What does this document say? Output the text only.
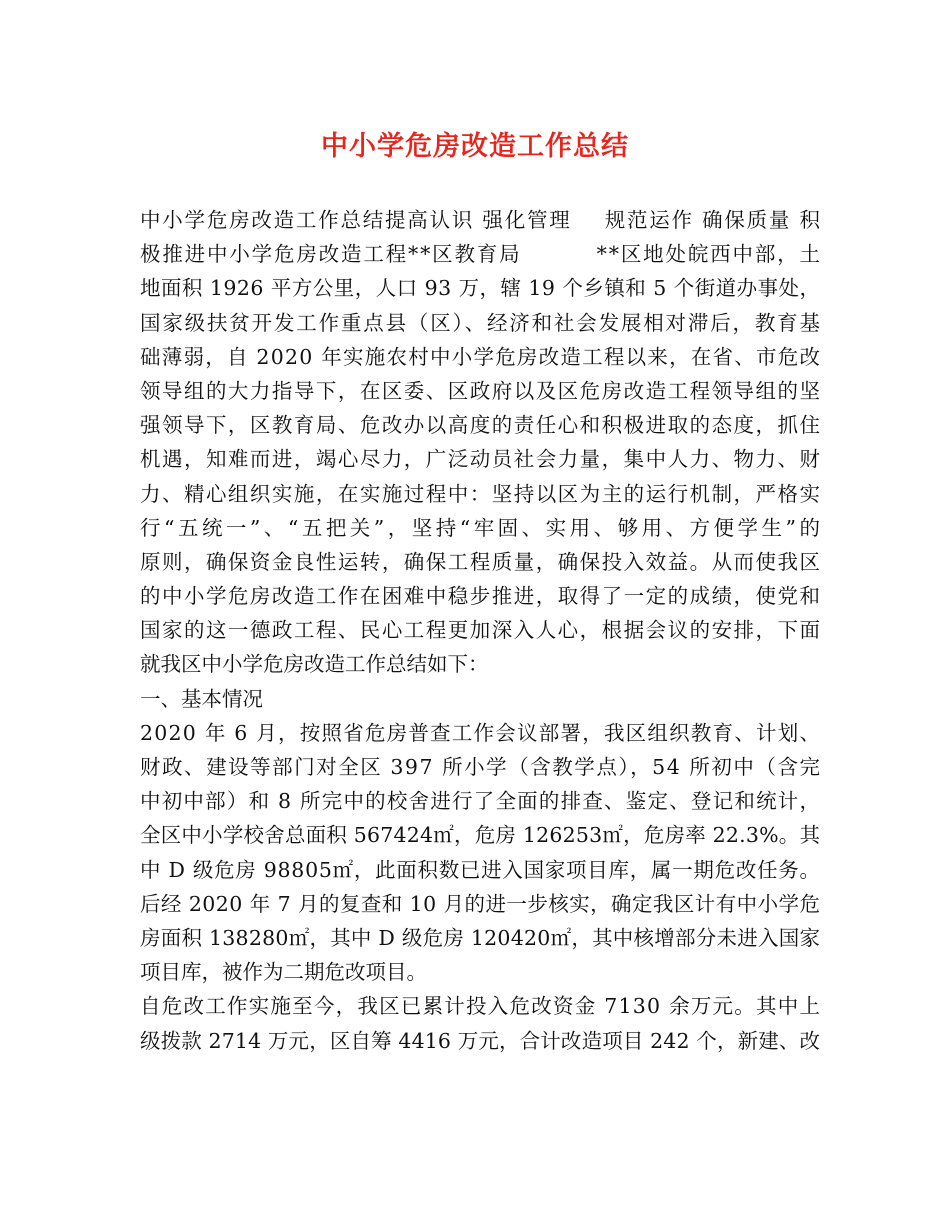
中小学危房改造工作总结
中小学危房改造工作总结提高认识 强化管理    规范运作 确保质量 积
极推进中小学危房改造工程**区教育局         **区地处皖西中部，土
地面积 1926 平方公里，人口 93 万，辖 19 个乡镇和 5 个街道办事处，
国家级扶贫开发工作重点县（区）、经济和社会发展相对滞后，教育基
础薄弱，自 2020 年实施农村中小学危房改造工程以来，在省、市危改
领导组的大力指导下，在区委、区政府以及区危房改造工程领导组的坚
强领导下，区教育局、危改办以高度的责任心和积极进取的态度，抓住
机遇，知难而进，竭心尽力，广泛动员社会力量，集中人力、物力、财
力、精心组织实施，在实施过程中：坚持以区为主的运行机制，严格实
行“五统一”、“五把关”，坚持“牢固、实用、够用、方便学生”的
原则，确保资金良性运转，确保工程质量，确保投入效益。从而使我区
的中小学危房改造工作在困难中稳步推进，取得了一定的成绩，使党和
国家的这一德政工程、民心工程更加深入人心，根据会议的安排，下面
就我区中小学危房改造工作总结如下：
一、基本情况
2020 年 6 月，按照省危房普查工作会议部署，我区组织教育、计划、
财政、建设等部门对全区 397 所小学（含教学点），54 所初中（含完
中初中部）和 8 所完中的校舍进行了全面的排查、鉴定、登记和统计，
全区中小学校舍总面积 567424㎡，危房 126253㎡，危房率 22.3%。其
中 D 级危房 98805㎡，此面积数已进入国家项目库，属一期危改任务。
后经 2020 年 7 月的复查和 10 月的进一步核实，确定我区计有中小学危
房面积 138280㎡，其中 D 级危房 120420㎡，其中核增部分未进入国家
项目库，被作为二期危改项目。
自危改工作实施至今，我区已累计投入危改资金 7130 余万元。其中上
级拨款 2714 万元，区自筹 4416 万元，合计改造项目 242 个，新建、改
